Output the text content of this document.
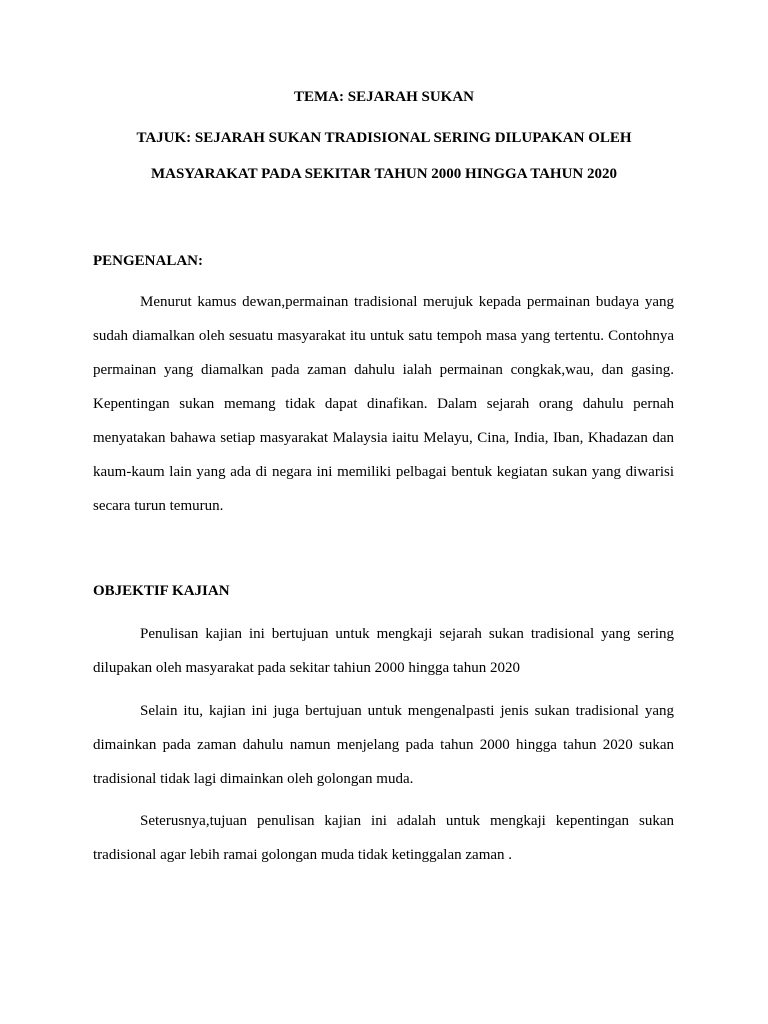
TEMA: SEJARAH SUKAN
TAJUK: SEJARAH SUKAN TRADISIONAL SERING DILUPAKAN OLEH
MASYARAKAT PADA SEKITAR TAHUN 2000 HINGGA TAHUN 2020
PENGENALAN:

Menurut kamus dewan,permainan tradisional merujuk kepada permainan budaya yang sudah diamalkan oleh sesuatu masyarakat itu untuk satu tempoh masa yang tertentu. Contohnya permainan yang diamalkan pada zaman dahulu ialah permainan congkak,wau, dan gasing. Kepentingan sukan memang tidak dapat dinafikan. Dalam sejarah orang dahulu pernah menyatakan bahawa setiap masyarakat Malaysia iaitu Melayu, Cina, India, Iban, Khadazan dan kaum-kaum lain yang ada di negara ini memiliki pelbagai bentuk kegiatan sukan yang diwarisi secara turun temurun.

OBJEKTIF KAJIAN

Penulisan kajian ini bertujuan untuk mengkaji sejarah sukan tradisional yang sering dilupakan oleh masyarakat pada sekitar tahiun 2000 hingga tahun 2020

Selain itu, kajian ini juga bertujuan untuk mengenalpasti jenis sukan tradisional yang dimainkan pada zaman dahulu namun menjelang pada tahun 2000 hingga tahun 2020 sukan tradisional tidak lagi dimainkan oleh golongan muda.

Seterusnya,tujuan penulisan kajian ini adalah untuk mengkaji kepentingan sukan tradisional agar lebih ramai golongan muda tidak ketinggalan zaman .
